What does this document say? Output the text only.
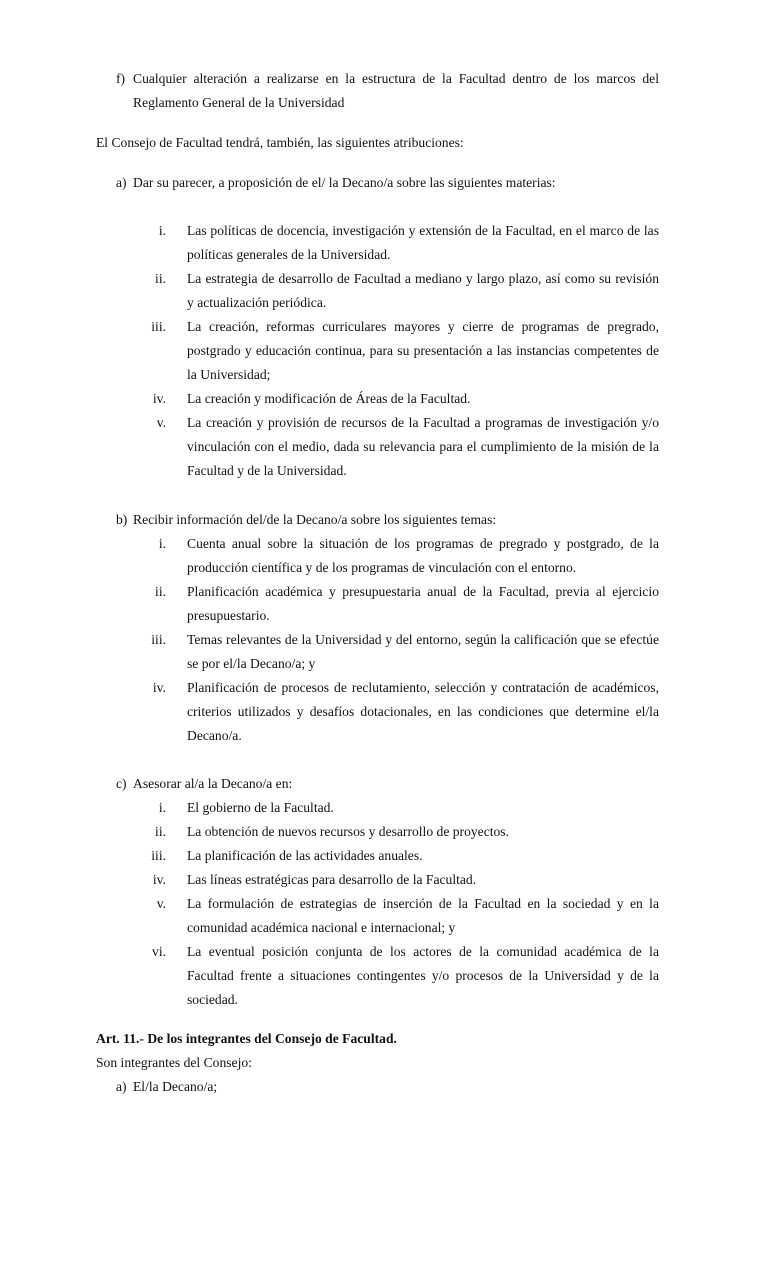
f) Cualquier alteración a realizarse en la estructura de la Facultad dentro de los marcos del Reglamento General de la Universidad
El Consejo de Facultad tendrá, también, las siguientes atribuciones:
a) Dar su parecer, a proposición de el/ la Decano/a sobre las siguientes materias:
i. Las políticas de docencia, investigación y extensión de la Facultad, en el marco de las políticas generales de la Universidad.
ii. La estrategia de desarrollo de Facultad a mediano y largo plazo, así como su revisión y actualización periódica.
iii. La creación, reformas curriculares mayores y cierre de programas de pregrado, postgrado y educación continua, para su presentación a las instancias competentes de la Universidad;
iv. La creación y modificación de Áreas de la Facultad.
v. La creación y provisión de recursos de la Facultad a programas de investigación y/o vinculación con el medio, dada su relevancia para el cumplimiento de la misión de la Facultad y de la Universidad.
b) Recibir información del/de la Decano/a sobre los siguientes temas:
i. Cuenta anual sobre la situación de los programas de pregrado y postgrado, de la producción científica y de los programas de vinculación con el entorno.
ii. Planificación académica y presupuestaria anual de la Facultad, previa al ejercicio presupuestario.
iii. Temas relevantes de la Universidad y del entorno, según la calificación que se efectúe se por el/la Decano/a; y
iv. Planificación de procesos de reclutamiento, selección y contratación de académicos, criterios utilizados y desafíos dotacionales, en las condiciones que determine el/la Decano/a.
c) Asesorar al/a la Decano/a en:
i. El gobierno de la Facultad.
ii. La obtención de nuevos recursos y desarrollo de proyectos.
iii. La planificación de las actividades anuales.
iv. Las líneas estratégicas para desarrollo de la Facultad.
v. La formulación de estrategias de inserción de la Facultad en la sociedad y en la comunidad académica nacional e internacional; y
vi. La eventual posición conjunta de los actores de la comunidad académica de la Facultad frente a situaciones contingentes y/o procesos de la Universidad y de la sociedad.
Art. 11.- De los integrantes del Consejo de Facultad.
Son integrantes del Consejo:
a) El/la Decano/a;
